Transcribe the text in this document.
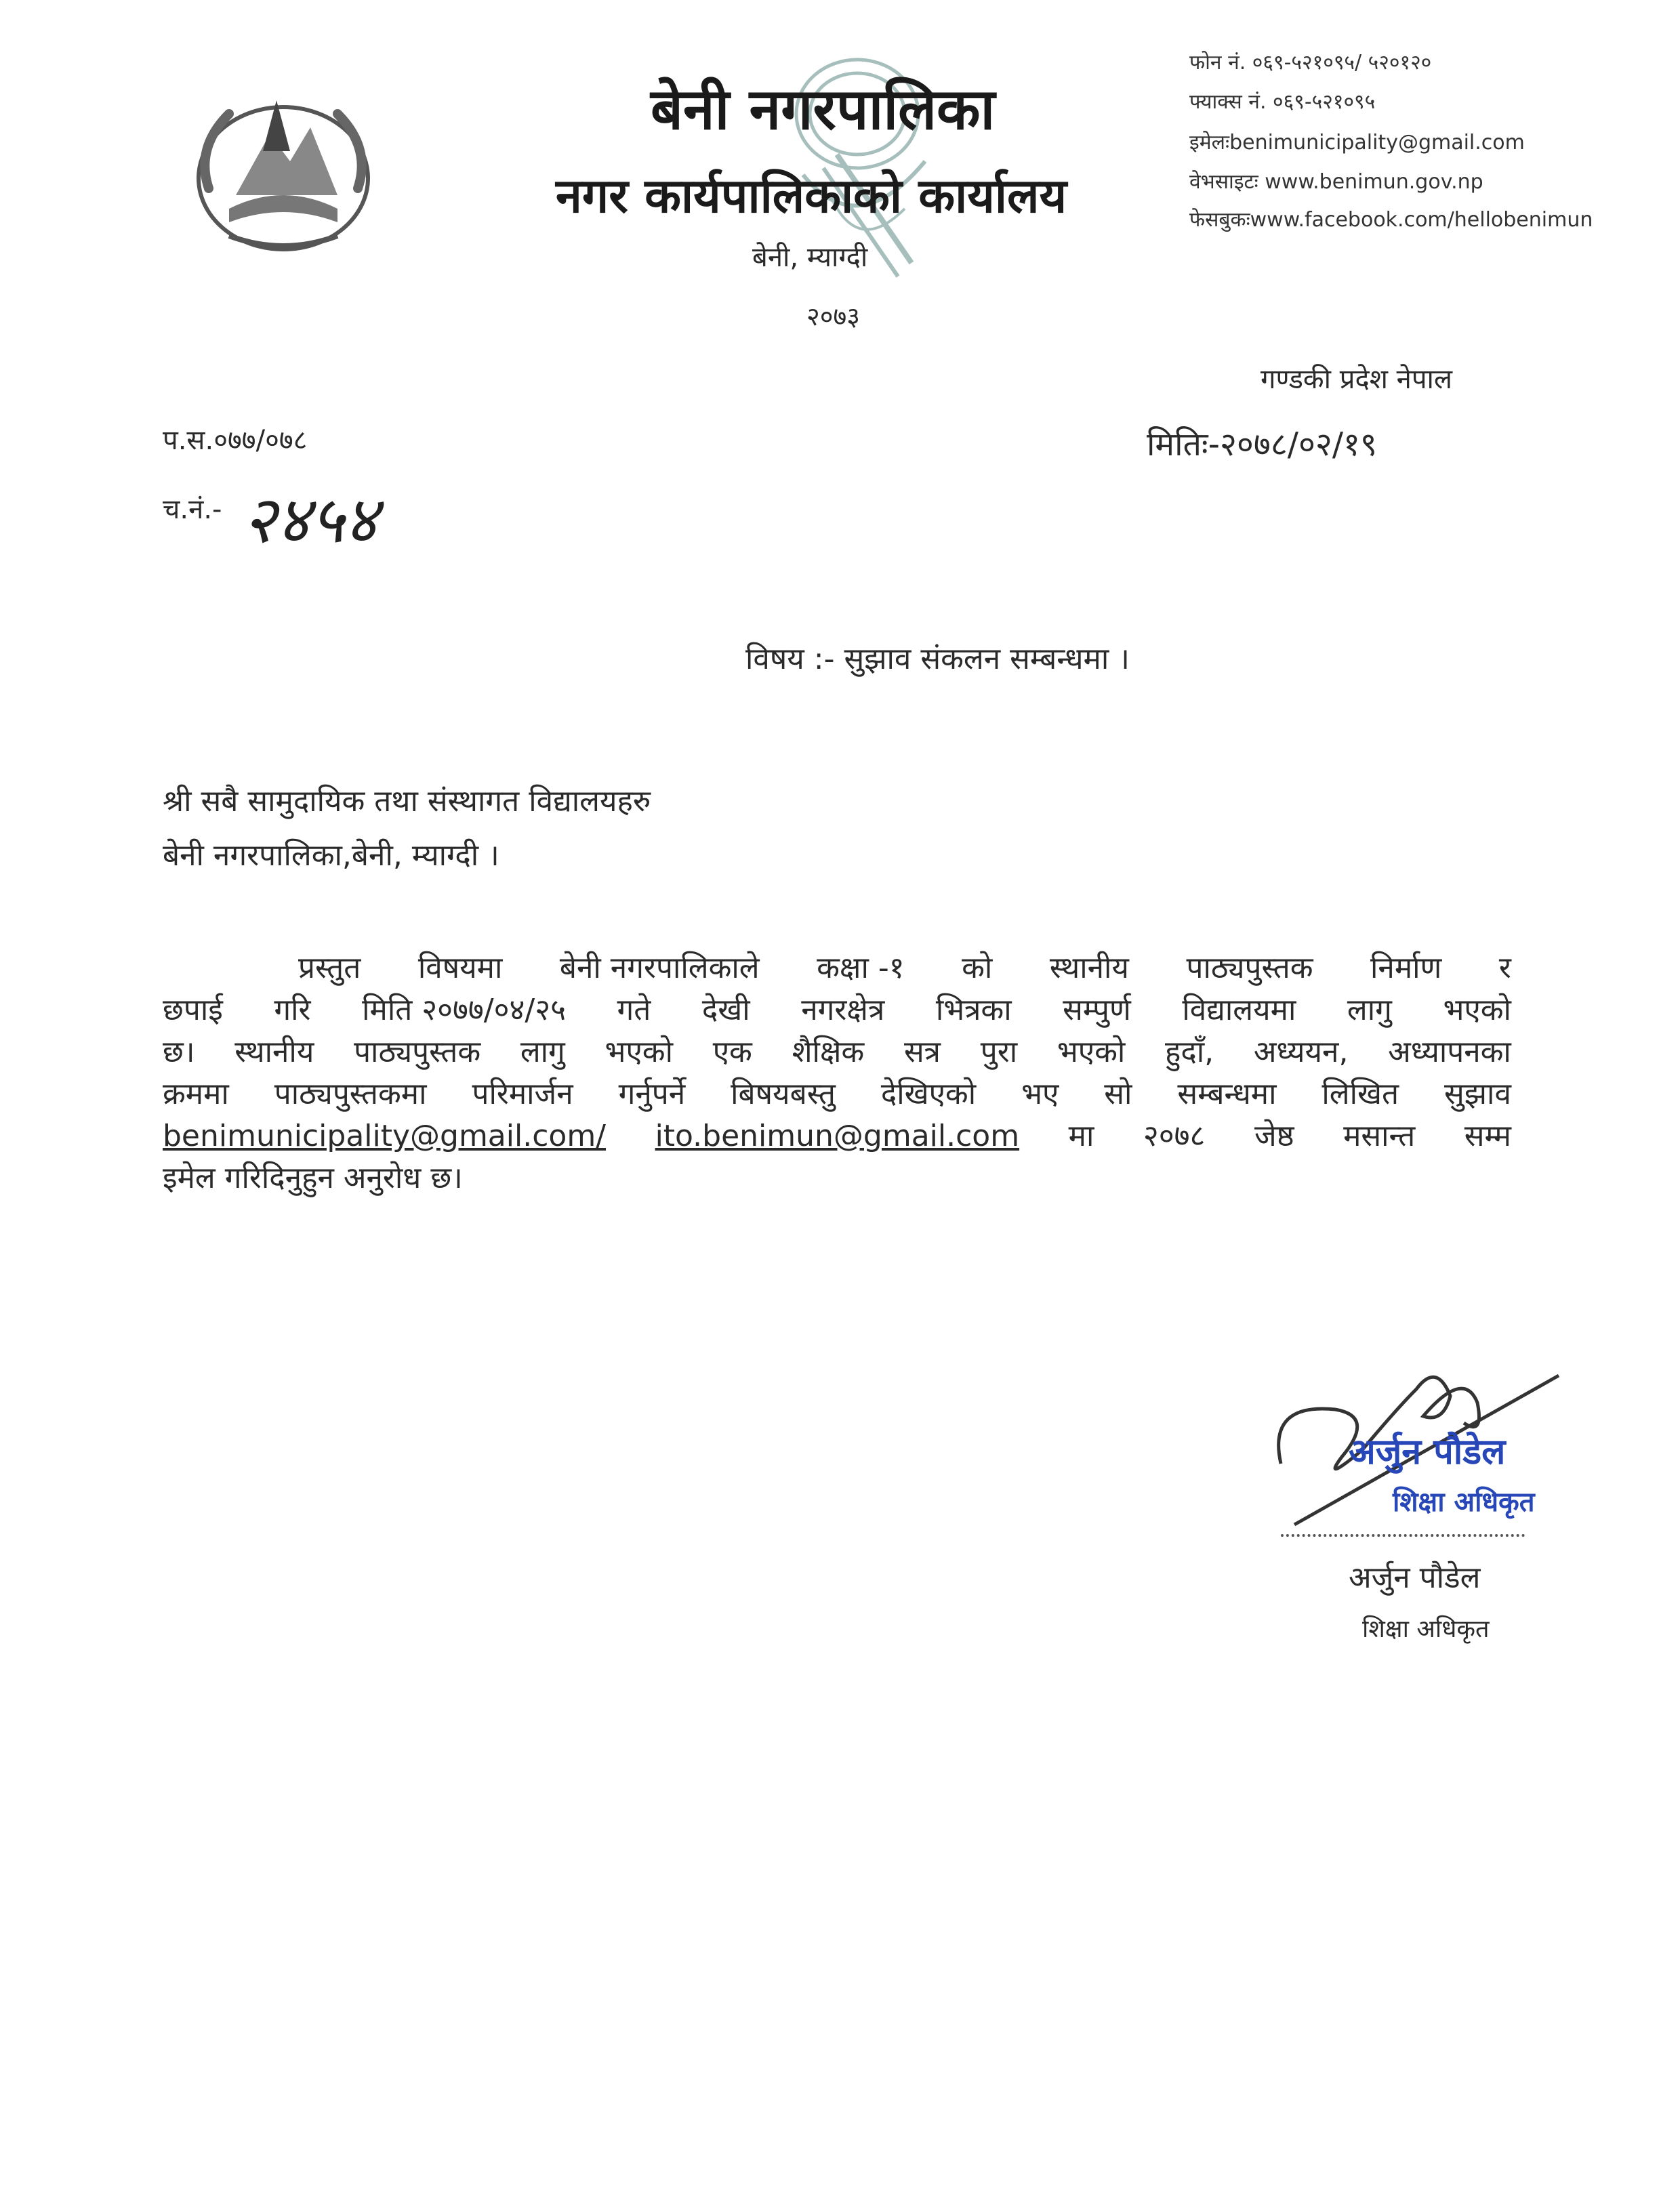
बेनी नगरपालिका
नगर कार्यपालिकाको कार्यालय
बेनी, म्याग्दी
२०७३
फोन नं. ०६९-५२१०९५/ ५२०१२०
फ्याक्स नं. ०६९-५२१०९५
इमेलःbenimunicipality@gmail.com
वेभसाइटः www.benimun.gov.np
फेसबुकःwww.facebook.com/hellobenimun
गण्डकी प्रदेश नेपाल
प.स.०७७/०७८	मितिः-२०७८/०२/१९
च.नं.- २४५४
विषय :- सुझाव संकलन सम्बन्धमा ।
श्री सबै सामुदायिक तथा संस्थागत विद्यालयहरु
बेनी नगरपालिका,बेनी, म्याग्दी ।
प्रस्तुत विषयमा बेनी नगरपालिकाले कक्षा -१ को स्थानीय पाठ्यपुस्तक निर्माण र
छपाई गरि मिति २०७७/०४/२५ गते देखी नगरक्षेत्र भित्रका सम्पुर्ण विद्यालयमा लागु भएको
छ। स्थानीय पाठ्यपुस्तक लागु भएको एक शैक्षिक सत्र पुरा भएको हुदाँ, अध्ययन, अध्यापनका
क्रममा पाठ्यपुस्तकमा परिमार्जन गर्नुपर्ने बिषयबस्तु देखिएको भए सो सम्बन्धमा लिखित सुझाव
benimunicipality@gmail.com/ ito.benimun@gmail.com मा २०७८ जेष्ठ मसान्त सम्म
इमेल गरिदिनुहुन अनुरोध छ।
अर्जुन पौडेल
शिक्षा अधिकृत
अर्जुन पौडेल
शिक्षा अधिकृत
